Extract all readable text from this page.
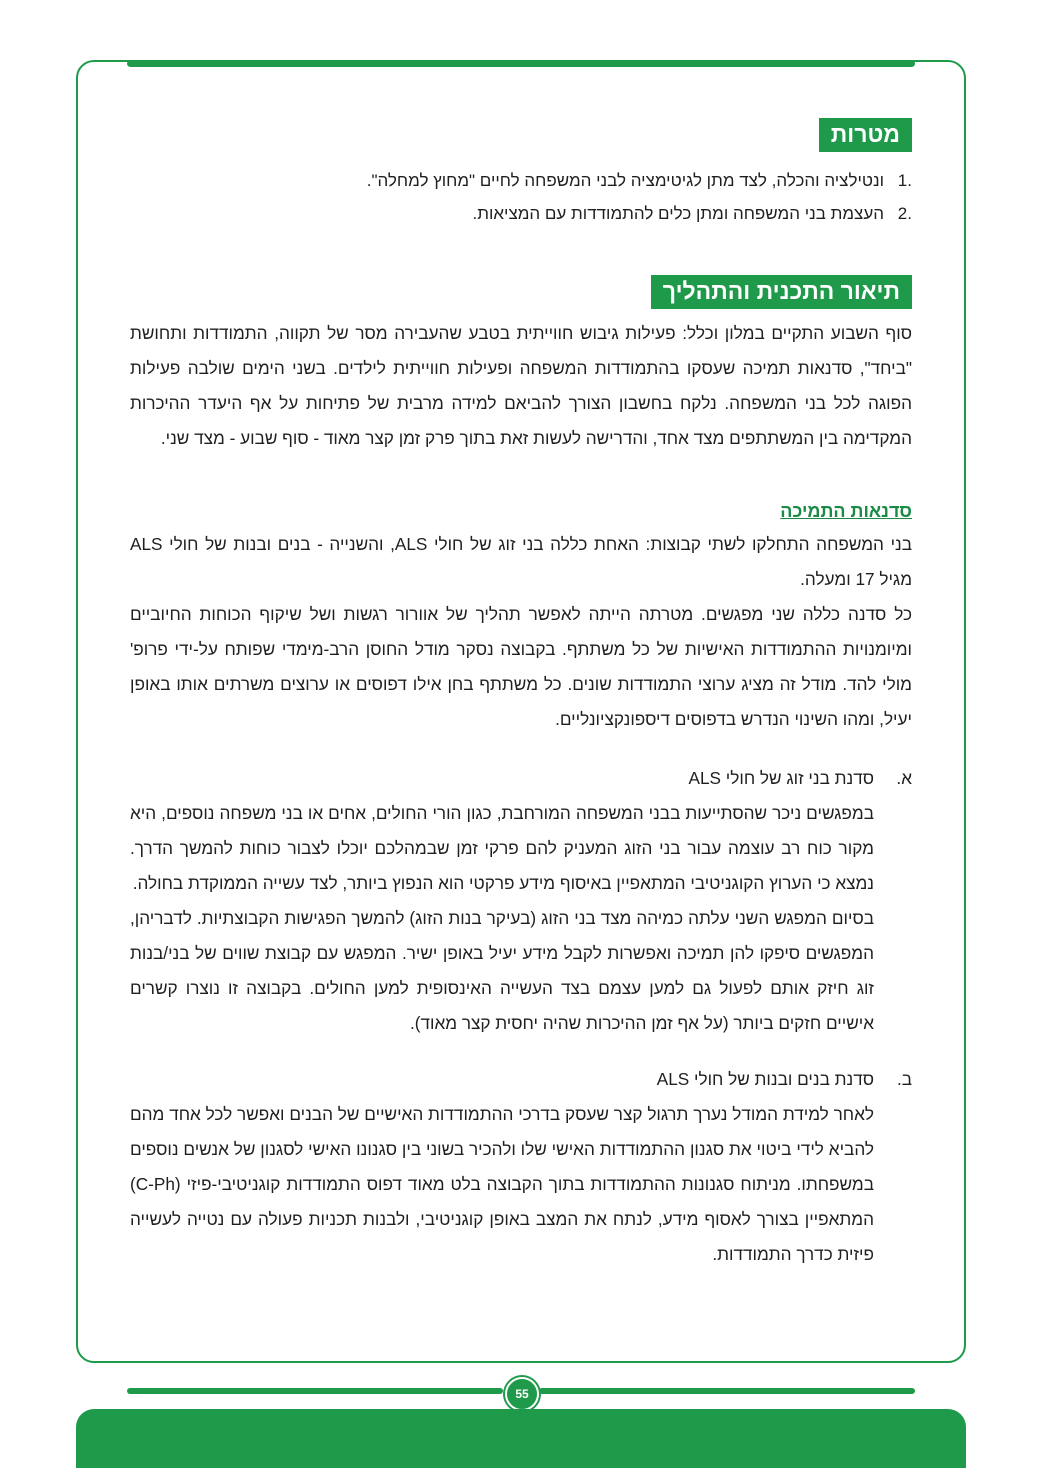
מטרות
.1
ונטילציה והכלה, לצד מתן לגיטימציה לבני המשפחה לחיים "מחוץ למחלה".
.2
העצמת בני המשפחה ומתן כלים להתמודדות עם המציאות.
תיאור התכנית והתהליך

סוף השבוע התקיים במלון וכלל: פעילות גיבוש חווייתית בטבע שהעבירה מסר של תקווה, התמודדות ותחושת "ביחד", סדנאות תמיכה שעסקו בהתמודדות המשפחה ופעילות חווייתית לילדים. בשני הימים שולבה פעילות הפוגה לכל בני המשפחה. נלקח בחשבון הצורך להביאם למידה מרבית של פתיחות על אף היעדר ההיכרות המקדימה בין המשתתפים מצד אחד, והדרישה לעשות זאת בתוך פרק זמן קצר מאוד - סוף שבוע - מצד שני.

סדנאות התמיכה

בני המשפחה התחלקו לשתי קבוצות: האחת כללה בני זוג של חולי ALS, והשנייה - בנים ובנות של חולי ALS מגיל 17 ומעלה.

כל סדנה כללה שני מפגשים. מטרתה הייתה לאפשר תהליך של אוורור רגשות ושל שיקוף הכוחות החיוביים ומיומנויות ההתמודדות האישיות של כל משתתף. בקבוצה נסקר מודל החוסן הרב-מימדי שפותח על-ידי פרופ' מולי להד. מודל זה מציג ערוצי התמודדות שונים. כל משתתף בחן אילו דפוסים או ערוצים משרתים אותו באופן יעיל, ומהו השינוי הנדרש בדפוסים דיספונקציונליים.

א.
סדנת בני זוג של חולי ALS

במפגשים ניכר שהסתייעות בבני המשפחה המורחבת, כגון הורי החולים, אחים או בני משפחה נוספים, היא מקור כוח רב עוצמה עבור בני הזוג המעניק להם פרקי זמן שבמהלכם יוכלו לצבור כוחות להמשך הדרך. נמצא כי הערוץ הקוגניטיבי המתאפיין באיסוף מידע פרקטי הוא הנפוץ ביותר, לצד עשייה הממוקדת בחולה.

בסיום המפגש השני עלתה כמיהה מצד בני הזוג (בעיקר בנות הזוג) להמשך הפגישות הקבוצתיות. לדבריהן, המפגשים סיפקו להן תמיכה ואפשרות לקבל מידע יעיל באופן ישיר. המפגש עם קבוצת שווים של בני/בנות זוג חיזק אותם לפעול גם למען עצמם בצד העשייה האינסופית למען החולים. בקבוצה זו נוצרו קשרים אישיים חזקים ביותר (על אף זמן ההיכרות שהיה יחסית קצר מאוד).

ב.
סדנת בנים ובנות של חולי ALS

לאחר למידת המודל נערך תרגול קצר שעסק בדרכי ההתמודדות האישיים של הבנים ואפשר לכל אחד מהם להביא לידי ביטוי את סגנון ההתמודדות האישי שלו ולהכיר בשוני בין סגנונו האישי לסגנון של אנשים נוספים במשפחתו. מניתוח סגנונות ההתמודדות בתוך הקבוצה בלט מאוד דפוס התמודדות קוגניטיבי-פיזי (C-Ph) המתאפיין בצורך לאסוף מידע, לנתח את המצב באופן קוגניטיבי, ולבנות תכניות פעולה עם נטייה לעשייה פיזית כדרך התמודדות.

55
